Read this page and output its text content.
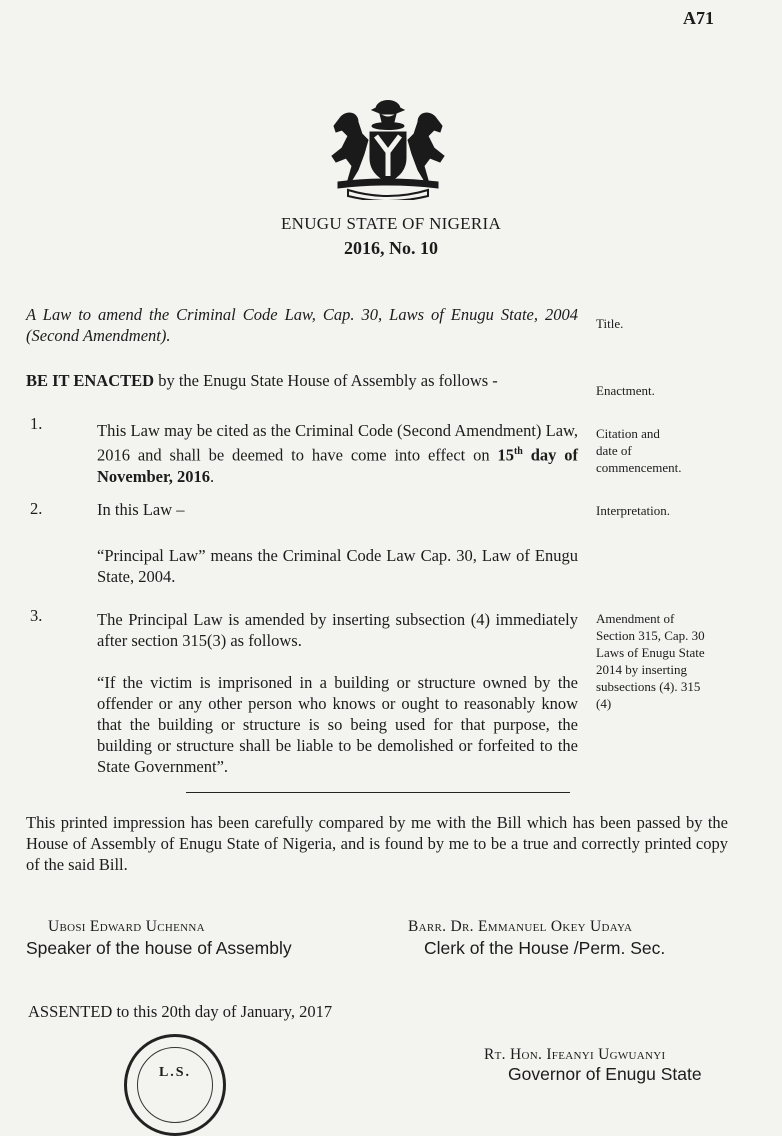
A71
ENUGU STATE OF NIGERIA
2016, No. 10
A Law to amend the Criminal Code Law, Cap. 30, Laws of Enugu State, 2004 (Second Amendment).
Title.
BE IT ENACTED by the Enugu State House of Assembly as follows -
Enactment.
1.	This Law may be cited as the Criminal Code (Second Amendment) Law, 2016 and shall be deemed to have come into effect on 15th day of November, 2016.
Citation and
date of
commencement.
2.	In this Law –	Interpretation.
“Principal Law” means the Criminal Code Law Cap. 30, Law of Enugu State, 2004.
3.	The Principal Law is amended by inserting subsection (4) immediately after section 315(3) as follows.
“If the victim is imprisoned in a building or structure owned by the offender or any other person who knows or ought to reasonably know that the building or structure is so being used for that purpose, the building or structure shall be liable to be demolished or forfeited to the State Government”.
Amendment of
Section 315, Cap. 30
Laws of Enugu State
2014 by inserting
subsections (4). 315
(4)
This printed impression has been carefully compared by me with the Bill which has been passed by the House of Assembly of Enugu State of Nigeria, and is found by me to be a true and correctly printed copy of the said Bill.
Ubosi Edward Uchenna
Speaker of the house of Assembly
Barr. Dr. Emmanuel Okey Udaya
Clerk of the House /Perm. Sec.
ASSENTED to this 20th day of January, 2017
L.S.
Rt. Hon. Ifeanyi Ugwuanyi
Governor of Enugu State
